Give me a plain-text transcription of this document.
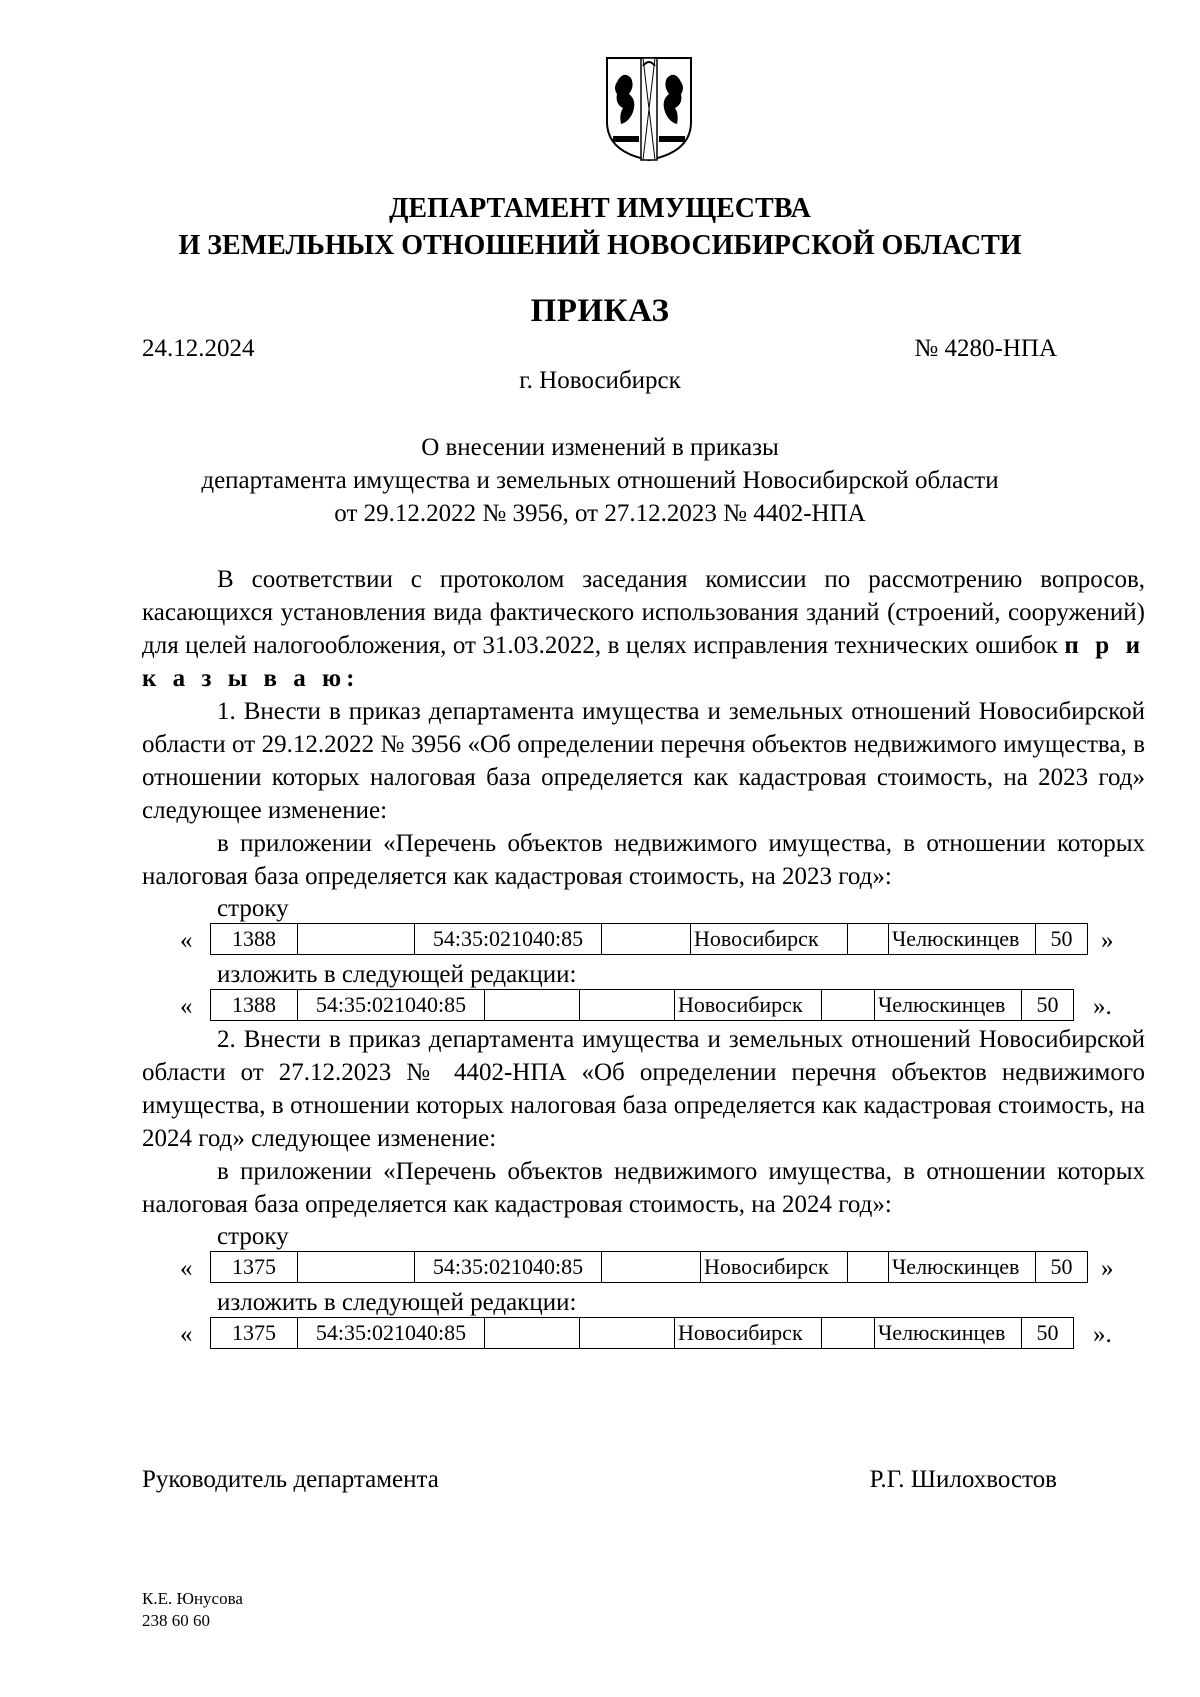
ДЕПАРТАМЕНТ ИМУЩЕСТВА
И ЗЕМЕЛЬНЫХ ОТНОШЕНИЙ НОВОСИБИРСКОЙ ОБЛАСТИ
ПРИКАЗ
24.12.2024	№ 4280-НПА
г. Новосибирск
О внесении изменений в приказы
департамента имущества и земельных отношений Новосибирской области
от 29.12.2022 № 3956, от 27.12.2023 № 4402-НПА
В соответствии с протоколом заседания комиссии по рассмотрению вопросов, касающихся установления вида фактического использования зданий (строений, сооружений) для целей налогообложения, от 31.03.2022, в целях исправления технических ошибок п р и к а з ы в а ю:
1. Внести в приказ департамента имущества и земельных отношений Новосибирской области от 29.12.2022 № 3956 «Об определении перечня объектов недвижимого имущества, в отношении которых налоговая база определяется как кадастровая стоимость, на 2023 год» следующее изменение:
в приложении «Перечень объектов недвижимого имущества, в отношении которых налоговая база определяется как кадастровая стоимость, на 2023 год»:
строку
« 1388		54:35:021040:85		Новосибирск		Челюскинцев	50 »
изложить в следующей редакции:
« 1388	54:35:021040:85			Новосибирск		Челюскинцев	50 ».
2. Внести в приказ департамента имущества и земельных отношений Новосибирской области от 27.12.2023 № 4402-НПА «Об определении перечня объектов недвижимого имущества, в отношении которых налоговая база определяется как кадастровая стоимость, на 2024 год» следующее изменение:
в приложении «Перечень объектов недвижимого имущества, в отношении которых налоговая база определяется как кадастровая стоимость, на 2024 год»:
строку
« 1375		54:35:021040:85		Новосибирск		Челюскинцев	50 »
изложить в следующей редакции:
« 1375	54:35:021040:85			Новосибирск		Челюскинцев	50 ».
Руководитель департамента	Р.Г. Шилохвостов
К.Е. Юнусова
238 60 60
